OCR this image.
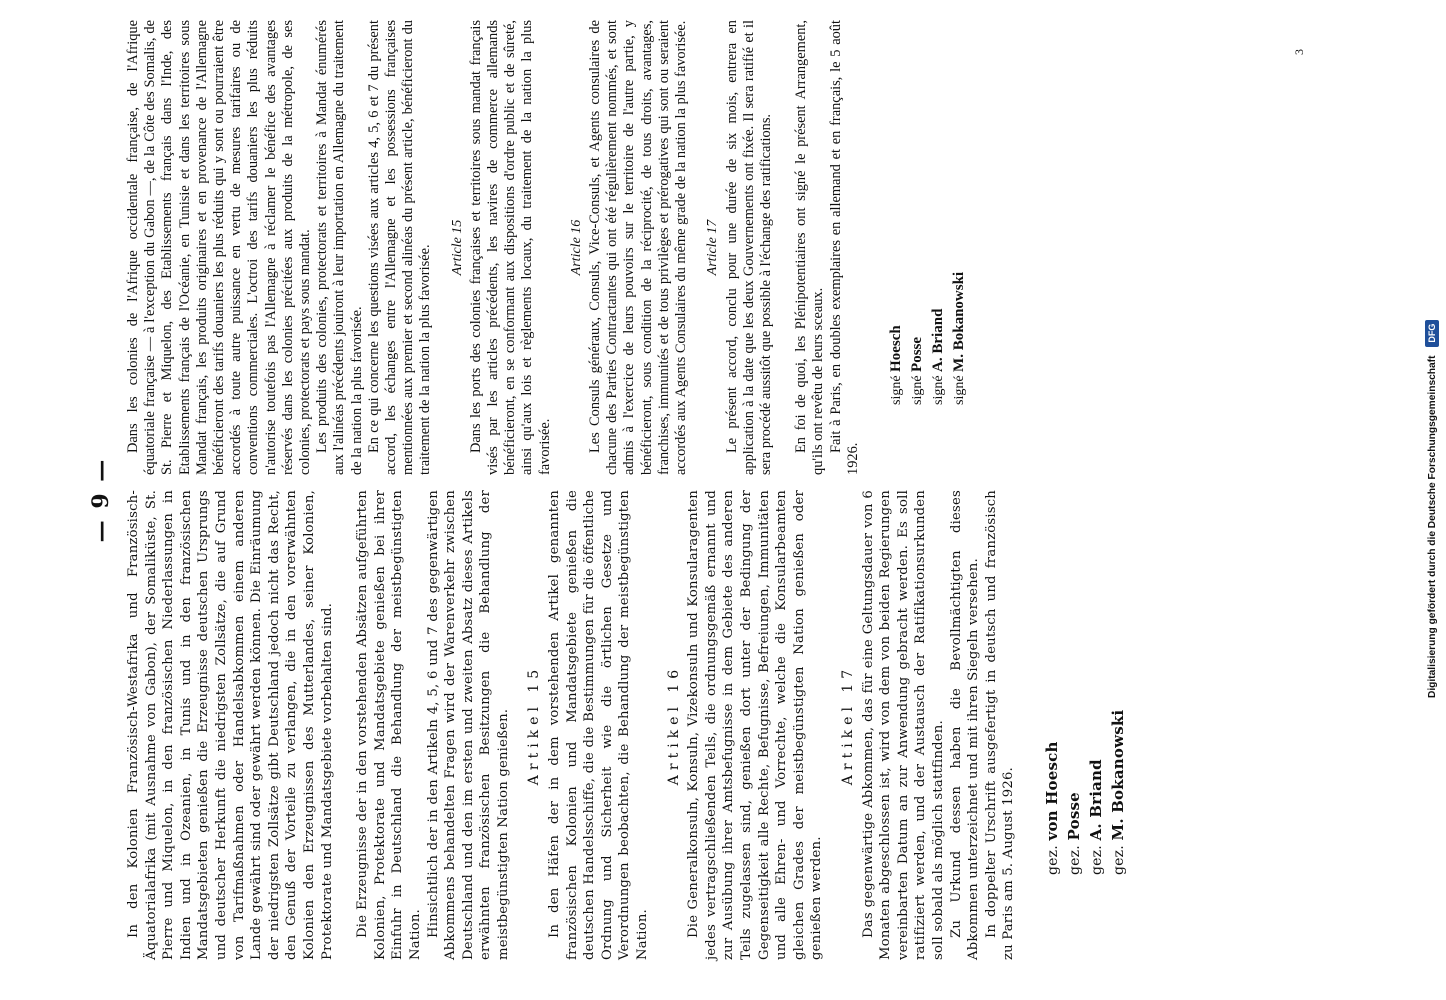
— 9 — In den Kolonien Französisch-Westafrika und Französisch-Äquatorialafrika (mit Ausnahme von Gabon), der Somaliküste, St. Pierre und Miquelon, in den französischen Niederlassungen in Indien und in Ozeanien, in Tunis und in den französischen Mandatsgebieten genießen die Erzeugnisse deutschen Ursprungs und deutscher Herkunft die niedrigsten Zollsätze, die auf Grund von Tarifmaßnahmen oder Handelsabkommen einem anderen Lande gewährt sind oder gewährt werden können. Die Einräumung der niedrigsten Zollsätze gibt Deutschland jedoch nicht das Recht, den Genuß der Vorteile zu verlangen, die in den vorerwähnten Kolonien den Erzeugnissen des Mutterlandes, seiner Kolonien, Protektorate und Mandatsgebiete vorbehalten sind. Die Erzeugnisse der in den vorstehenden Absätzen aufgeführten Kolonien, Protektorate und Mandatsgebiete genießen bei ihrer Einfuhr in Deutschland die Behandlung der meistbegünstigten Nation. Hinsichtlich der in den Artikeln 4, 5, 6 und 7 des gegenwärtigen Abkommens behandelten Fragen wird der Warenverkehr zwischen Deutschland und den im ersten und zweiten Absatz dieses Artikels erwähnten französischen Besitzungen die Behandlung der meistbegünstigten Nation genießen. Artikel 15 In den Häfen der in dem vorstehenden Artikel genannten französischen Kolonien und Mandatsgebiete genießen die deutschen Handelsschiffe, die die Bestimmungen für die öffentliche Ordnung und Sicherheit wie die örtlichen Gesetze und Verordnungen beobachten, die Behandlung der meistbegünstigten Nation.

Artikel 16 Die Generalkonsuln, Konsuln, Vizekonsuln und Konsularagenten jedes vertragschließenden Teils, die ordnungsgemäß ernannt und zur Ausübung ihrer Amtsbefugnisse in dem Gebiete des anderen Teils zugelassen sind, genießen dort unter der Bedingung der Gegenseitigkeit alle Rechte, Befugnisse, Befreiungen, Immunitäten und alle Ehren- und Vorrechte, welche die Konsularbeamten gleichen Grades der meistbegünstigten Nation genießen oder genießen werden.

Artikel 17 Das gegenwärtige Abkommen, das für eine Geltungsdauer von 6 Monaten abgeschlossen ist, wird von dem von beiden Regierungen vereinbarten Datum an zur Anwendung gebracht werden. Es soll ratifiziert werden, und der Austausch der Ratifikationsurkunden soll sobald als möglich stattfinden. Zu Urkund dessen haben die Bevollmächtigten dieses Abkommen unterzeichnet und mit ihren Siegeln versehen. In doppelter Urschrift ausgefertigt in deutsch und französisch zu Paris am 5. August 1926. gez. von Hoesch
gez. Posse
gez. A. Briand
gez. M. Bokanowski

Dans les colonies de l'Afrique occidentale française, de l'Afrique équatoriale française — à l'exception du Gabon —, de la Côte des Somalis, de St. Pierre et Miquelon, des Etablissements français dans l'Inde, des Etablissements français de l'Océanie, en Tunisie et dans les territoires sous Mandat français, les produits originaires et en provenance de l'Allemagne bénéficieront des tarifs douaniers les plus réduits qui y sont ou pourraient être accordés à toute autre puissance en vertu de mesures tarifaires ou de conventions commerciales. L'octroi des tarifs douaniers les plus réduits n'autorise toutefois pas l'Allemagne à réclamer le bénéfice des avantages réservés dans les colonies précitées aux produits de la métropole, de ses colonies, protectorats et pays sous mandat. Les produits des colonies, protectorats et territoires à Mandat énumérés aux l'alinéas précédents jouiront à leur importation en Allemagne du traitement de la nation la plus favorisée. En ce qui concerne les questions visées aux articles 4, 5, 6 et 7 du présent accord, les échanges entre l'Allemagne et les possessions françaises mentionnées aux premier et second alinéas du présent article, bénéficieront du traitement de la nation la plus favorisée. Article 15 Dans les ports des colonies françaises et territoires sous mandat français visés par les articles précédents, les navires de commerce allemands bénéficieront, en se conformant aux dispositions d'ordre public et de sûreté, ainsi qu'aux lois et règlements locaux, du traitement de la nation la plus favorisée.

Article 16 Les Consuls généraux, Consuls, Vice-Consuls, et Agents consulaires de chacune des Parties Contractantes qui ont été régulièrement nommés, et sont admis à l'exercice de leurs pouvoirs sur le territoire de l'autre partie, y bénéficieront, sous condition de la réciprocité, de tous droits, avantages, franchises, immunités et de tous privilèges et prérogatives qui sont ou seraient accordés aux Agents Consulaires du même grade de la nation la plus favorisée. Article 17 Le présent accord, conclu pour une durée de six mois, entrera en application à la date que les deux Gouvernements ont fixée. Il sera ratifié et il sera procédé aussitôt que possible à l'échange des ratifications. En foi de quoi, les Plénipotentiaires ont signé le présent Arrangement, qu'ils ont revêtu de leurs sceaux. Fait à Paris, en doubles exemplaires en allemand et en français, le 5 août 1926.

signé Hoesch
signé Posse
signé A. Briand
signé M. Bokanowski
3
Digitalisierung gefördert durch die Deutsche Forschungsgemeinschaft DFG
